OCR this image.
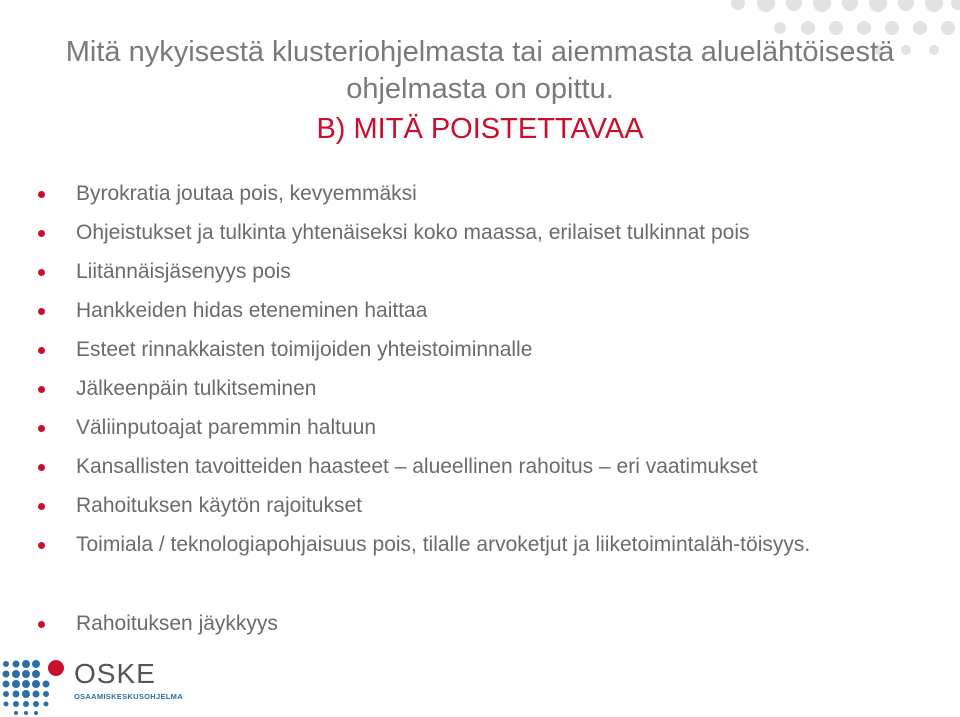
Mitä nykyisestä klusteriohjelmasta tai aiemmasta aluelähtöisestä
ohjelmasta on opittu.
B) MITÄ POISTETTAVAA
Byrokratia joutaa pois, kevyemmäksi
Ohjeistukset ja tulkinta yhtenäiseksi koko maassa, erilaiset tulkinnat pois
Liitännäisjäsenyys pois
Hankkeiden hidas eteneminen haittaa
Esteet rinnakkaisten toimijoiden yhteistoiminnalle
Jälkeenpäin tulkitseminen
Väliinputoajat paremmin haltuun
Kansallisten tavoitteiden haasteet – alueellinen rahoitus – eri vaatimukset
Rahoituksen käytön rajoitukset
Toimiala / teknologiapohjaisuus pois, tilalle arvoketjut ja liiketoimintaläh-töisyys.
Rahoituksen jäykkyys
OSKE
OSAAMISKESKUSOHJELMA
